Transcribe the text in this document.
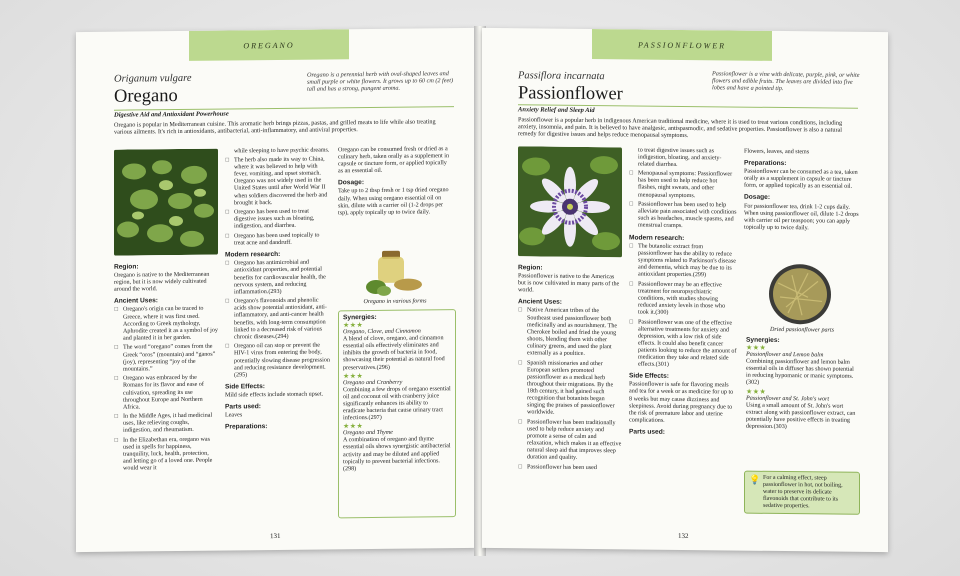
OREGANO
Origanum vulgare
Oregano
Oregano is a perennial herb with oval-shaped leaves and small purple or white flowers. It grows up to 60 cm (2 feet) tall and has a strong, pungent aroma.
Digestive Aid and Antioxidant Powerhouse
Oregano is popular in Mediterranean cuisine. This aromatic herb brings pizzas, pastas, and grilled meats to life while also treating various ailments. It's rich in antioxidants, antibacterial, anti-inflammatory, and antiviral properties.
Region:

Oregano is native to the Mediterranean region, but it is now widely cultivated around the world.

Ancient Uses:
☐ Oregano's origin can be traced to Greece, where it was first used. According to Greek mythology, Aphrodite created it as a symbol of joy and planted it in her garden.
☐ The word “oregano” comes from the Greek “oros” (mountain) and “ganos” (joy), representing “joy of the mountains.”
☐ Oregano was embraced by the Romans for its flavor and ease of cultivation, spreading its use throughout Europe and Northern Africa.
☐ In the Middle Ages, it had medicinal uses, like relieving coughs, indigestion, and rheumatism.
☐ In the Elizabethan era, oregano was used in spells for happiness, tranquility, luck, health, protection, and letting go of a loved one. People would wear it

while sleeping to have psychic dreams.

☐ The herb also made its way to China, where it was believed to help with fever, vomiting, and upset stomach. Oregano was not widely used in the United States until after World War II when soldiers discovered the herb and brought it back.
☐ Oregano has been used to treat digestive issues such as bloating, indigestion, and diarrhea.
☐ Oregano has been used topically to treat acne and dandruff.
Modern research:
☐ Oregano has antimicrobial and antioxidant properties, and potential benefits for cardiovascular health, the nervous system, and reducing inflammation.(293)
☐ Oregano's flavonoids and phenolic acids show potential antioxidant, anti-inflammatory, and anti-cancer health benefits, with long-term consumption linked to a decreased risk of various chronic diseases.(294)
☐ Oregano oil can stop or prevent the HIV-1 virus from entering the body, potentially slowing disease progression and reducing resistance development.(295)
Side Effects:

Mild side effects include stomach upset.

Parts used:

Leaves

Preparations:

Oregano can be consumed fresh or dried as a culinary herb, taken orally as a supplement in capsule or tincture form, or applied topically as an essential oil.

Dosage:

Take up to 2 tbsp fresh or 1 tsp dried oregano daily. When using oregano essential oil on skin, dilute with a carrier oil (1-2 drops per tsp), apply topically up to twice daily.

Oregano in various forms
Synergies:
★★★
Oregano, Clove, and Cinnamon

A blend of clove, oregano, and cinnamon essential oils effectively eliminates and inhibits the growth of bacteria in food, showcasing their potential as natural food preservatives.(296)

★★★
Oregano and Cranberry

Combining a few drops of oregano essential oil and coconut oil with cranberry juice significantly enhances its ability to eradicate bacteria that cause urinary tract infections.(297)

★★★
Oregano and Thyme

A combination of oregano and thyme essential oils shows synergistic antibacterial activity and may be diluted and applied topically to prevent bacterial infections.(298)

131
PASSIONFLOWER
Passiflora incarnata
Passionflower
Passionflower is a vine with delicate, purple, pink, or white flowers and edible fruits. The leaves are divided into five lobes and have a pointed tip.
Anxiety Relief and Sleep Aid
Passionflower is a popular herb in indigenous American traditional medicine, where it is used to treat various conditions, including anxiety, insomnia, and pain. It is believed to have analgesic, antispasmodic, and sedative properties. Passionflower is also a natural remedy for digestive issues and helps reduce menopausal symptoms.
Region:

Passionflower is native to the Americas but is now cultivated in many parts of the world.

Ancient Uses:
☐ Native American tribes of the Southeast used passionflower both medicinally and as nourishment. The Cherokee boiled and fried the young shoots, blending them with other culinary greens, and used the plant externally as a poultice.
☐ Spanish missionaries and other European settlers promoted passionflower as a medical herb throughout their migrations. By the 18th century, it had gained such recognition that botanists began singing the praises of passionflower worldwide.
☐ Passionflower has been traditionally used to help reduce anxiety and promote a sense of calm and relaxation, which makes it an effective natural sleep aid that improves sleep duration and quality.
☐ Passionflower has been used

to treat digestive issues such as indigestion, bloating, and anxiety-related diarrhea.

☐ Menopausal symptoms: Passionflower has been used to help reduce hot flashes, night sweats, and other menopausal symptoms.
☐ Passionflower has been used to help alleviate pain associated with conditions such as headaches, muscle spasms, and menstrual cramps.
Modern research:
☐ The butanolic extract from passionflower has the ability to reduce symptoms related to Parkinson's disease and dementia, which may be due to its antioxidant properties.(299)
☐ Passionflower may be an effective treatment for neuropsychiatric conditions, with studies showing reduced anxiety levels in those who took it.(300)
☐ Passionflower was one of the effective alternative treatments for anxiety and depression, with a low risk of side effects. It could also benefit cancer patients looking to reduce the amount of medication they take and related side effects.(301)
Side Effects:

Passionflower is safe for flavoring meals and tea for a week or as medicine for up to 8 weeks but may cause dizziness and sleepiness. Avoid during pregnancy due to the risk of premature labor and uterine complications.

Parts used:

Flowers, leaves, and stems

Preparations:

Passionflower can be consumed as a tea, taken orally as a supplement in capsule or tincture form, or applied topically as an essential oil.

Dosage:

For passionflower tea, drink 1-2 cups daily. When using passionflower oil, dilute 1-2 drops with carrier oil per teaspoon; you can apply topically up to twice daily.

Dried passionflower parts
Synergies:
★★★
Passionflower and Lemon balm

Combining passionflower and lemon balm essential oils in diffuser has shown potential in reducing hypomanic or manic symptoms.(302)

★★★
Passionflower and St. John's wort

Using a small amount of St. John's wort extract along with passionflower extract, can potentially have positive effects in treating depression.(303)

💡 For a calming effect, steep passionflower in hot, not boiling, water to preserve its delicate flavonoids that contribute to its sedative properties.
132
